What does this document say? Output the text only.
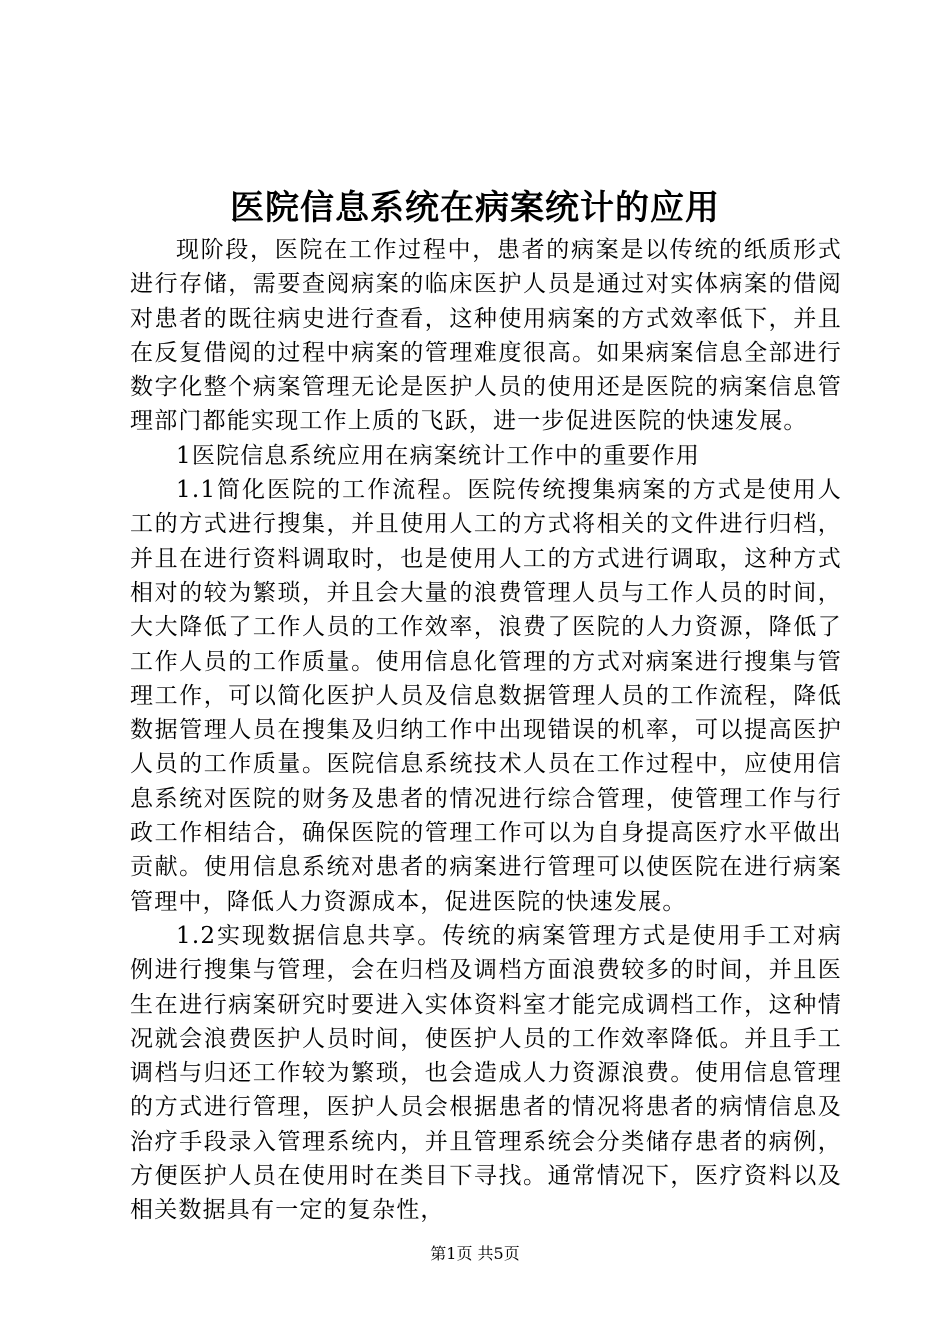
医院信息系统在病案统计的应用

现阶段，医院在工作过程中，患者的病案是以传统的纸质形式进行存储，需要查阅病案的临床医护人员是通过对实体病案的借阅对患者的既往病史进行查看，这种使用病案的方式效率低下，并且在反复借阅的过程中病案的管理难度很高。如果病案信息全部进行数字化整个病案管理无论是医护人员的使用还是医院的病案信息管理部门都能实现工作上质的飞跃，进一步促进医院的快速发展。

1医院信息系统应用在病案统计工作中的重要作用

1.1简化医院的工作流程。医院传统搜集病案的方式是使用人工的方式进行搜集，并且使用人工的方式将相关的文件进行归档，并且在进行资料调取时，也是使用人工的方式进行调取，这种方式相对的较为繁琐，并且会大量的浪费管理人员与工作人员的时间，大大降低了工作人员的工作效率，浪费了医院的人力资源，降低了工作人员的工作质量。使用信息化管理的方式对病案进行搜集与管理工作，可以简化医护人员及信息数据管理人员的工作流程，降低数据管理人员在搜集及归纳工作中出现错误的机率，可以提高医护人员的工作质量。医院信息系统技术人员在工作过程中，应使用信息系统对医院的财务及患者的情况进行综合管理，使管理工作与行政工作相结合，确保医院的管理工作可以为自身提高医疗水平做出贡献。使用信息系统对患者的病案进行管理可以使医院在进行病案管理中，降低人力资源成本，促进医院的快速发展。

1.2实现数据信息共享。传统的病案管理方式是使用手工对病例进行搜集与管理，会在归档及调档方面浪费较多的时间，并且医生在进行病案研究时要进入实体资料室才能完成调档工作，这种情况就会浪费医护人员时间，使医护人员的工作效率降低。并且手工调档与归还工作较为繁琐，也会造成人力资源浪费。使用信息管理的方式进行管理，医护人员会根据患者的情况将患者的病情信息及治疗手段录入管理系统内，并且管理系统会分类储存患者的病例，方便医护人员在使用时在类目下寻找。通常情况下，医疗资料以及相关数据具有一定的复杂性，

第1页 共5页
